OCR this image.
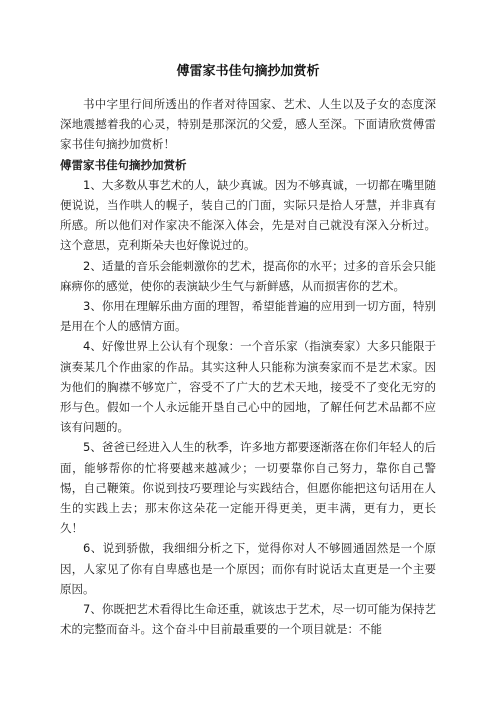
傅雷家书佳句摘抄加赏析

书中字里行间所透出的作者对待国家、艺术、人生以及子女的态度深深地震撼着我的心灵，特别是那深沉的父爱，感人至深。下面请欣赏傅雷家书佳句摘抄加赏析！

傅雷家书佳句摘抄加赏析

1、大多数从事艺术的人，缺少真诚。因为不够真诚，一切都在嘴里随便说说，当作哄人的幌子，装自己的门面，实际只是拾人牙慧，并非真有所感。所以他们对作家决不能深入体会，先是对自己就没有深入分析过。这个意思，克利斯朵夫也好像说过的。

2、适量的音乐会能刺激你的艺术，提高你的水平；过多的音乐会只能麻痹你的感觉，使你的表演缺少生气与新鲜感，从而损害你的艺术。

3、你用在理解乐曲方面的理智，希望能普遍的应用到一切方面，特别是用在个人的感情方面。

4、好像世界上公认有个现象：一个音乐家（指演奏家）大多只能限于演奏某几个作曲家的作品。其实这种人只能称为演奏家而不是艺术家。因为他们的胸襟不够宽广，容受不了广大的艺术天地，接受不了变化无穷的形与色。假如一个人永远能开垦自己心中的园地，了解任何艺术品都不应该有问题的。

5、爸爸已经进入人生的秋季，许多地方都要逐渐落在你们年轻人的后面，能够帮你的忙将要越来越减少；一切要靠你自己努力，靠你自己警惕，自己鞭策。你说到技巧要理论与实践结合，但愿你能把这句话用在人生的实践上去；那末你这朵花一定能开得更美，更丰满，更有力，更长久！

6、说到骄傲，我细细分析之下，觉得你对人不够圆通固然是一个原因，人家见了你有自卑感也是一个原因；而你有时说话太直更是一个主要原因。

7、你既把艺术看得比生命还重，就该忠于艺术，尽一切可能为保持艺术的完整而奋斗。这个奋斗中目前最重要的一个项目就是：不能
